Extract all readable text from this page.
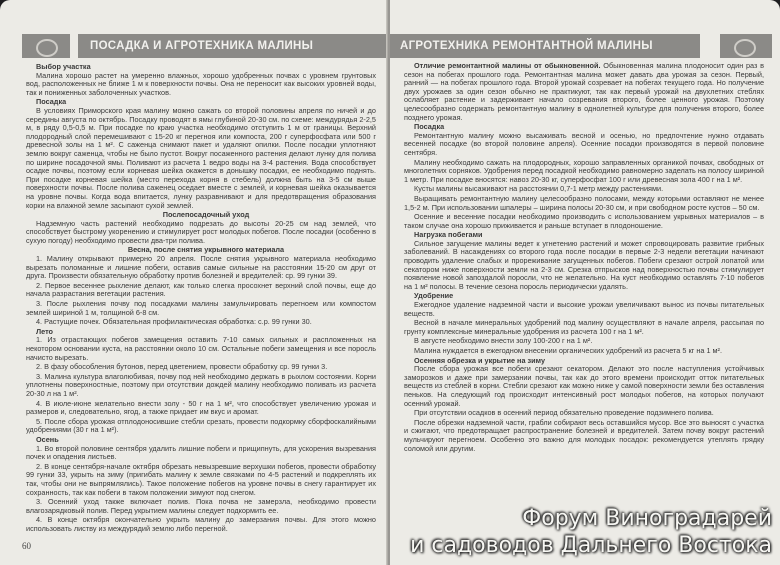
ПОСАДКА И АГРОТЕХНИКА МАЛИНЫ

Выбор участка

Малина хорошо растет на умеренно влажных, хорошо удобренных почвах с уровнем грунтовых вод, расположенных не ближе 1 м к поверхности почвы. Она не переносит как высоких уровней воды, так и пониженных заболоченных участков.

Посадка

В условиях Приморского края малину можно сажать со второй половины апреля по ничей и до середины августа по октябрь. Посадку проводят в ямы глубиной 20-30 см. по схеме: междурядья 2-2,5 м, в ряду 0,5-0,5 м. При посадке по краю участка необходимо отступить 1 м от границы. Верхний плодородный слой перемешивают с 15-20 кг перегноя или компоста, 200 г суперфосфата или 500 г древесной золы на 1 м². С саженца снимают пакет и удаляют опилки. После посадки уплотняют землю вокруг саженца, чтобы не было пустот. Вокруг посаженного растения делают лунку для полива по ширине посадочной ямы. Поливают из расчета 1 ведро воды на 3-4 растения. Вода способствует осадке почвы, поэтому если корневая шейка окажется в донышку посадки, ее необходимо поднять. При посадке корневая шейка (место перехода корня в стебель) должна быть на 3-5 см выше поверхности почвы. После полива саженец оседает вместе с землей, и корневая шейка оказывается на уровне почвы. Когда вода впитается, лунку разравнивают и для предотвращения образования корки на влажной земле засыпают сухой землей.

Послепосадочный уход

Надземную часть растений необходимо подрезать до высоты 20-25 см над землей, что способствует быстрому укоренению и стимулирует рост молодых побегов. После посадки (особенно в сухую погоду) необходимо провести два-три полива.

Весна, после снятия укрывного материала

1. Малину открывают примерно 20 апреля. После снятия укрывного материала необходимо вырезать поломанные и лишние побеги, оставив самые сильные на расстоянии 15-20 см друг от друга. Произвести обязательную обработку против болезней и вредителей: ср. 99 гунки 39.

2. Первое весеннее рыхление делают, как только слегка просохнет верхний слой почвы, еще до начала разрастания вегетации растения.

3. После рыхления почву под посадками малины замульчировать перегноем или компостом землей шириной 1 м, толщиной 6-8 см.

4. Растущие почек. Обязательная профилактическая обработка: с.р. 99 гунки 30.

Лето

1. Из отрастающих побегов замещения оставить 7-10 самых сильных и распложенных на некотором основании куста, на расстоянии около 10 см. Остальные побеги замещения и все поросль начисто вырезать.

2. В фазу обособления бутонов, перед цветением, провести обработку ср. 99 гунки 3.

3. Малина культура влаголюбивая, почву под ней необходимо держать в рыхлом состоянии. Корни уплотнены поверхностные, поэтому при отсутствии дождей малину необходимо поливать из расчета 20-30 л на 1 м².

4. В июле-июне желательно внести золу - 50 г на 1 м², что способствует увеличению урожая и размеров и, следовательно, ягод, а также придает им вкус и аромат.

5. После сбора урожая отплодоносившие стебли срезать, провести подкормку сборфоскалийными удобрениями (30 г на 1 м²).

Осень

1. Во второй половине сентября удалить лишние побеги и прищипнуть, для ускорения вызревания почек и опадения листьев.

2. В конце сентября-начале октября обрезать невызревшие верхушки побегов, провести обработку 99 гунки 33, укрыть на зиму (пригибать малину к земле связками по 4-5 растений и подкреплять их так, чтобы они не выпрямлялись). Такое положение побегов на уровне почвы в снегу гарантирует их сохранность, так как побеги в таком положении зимуют под снегом.

3. Осенний уход также включает полив. Пока почва не замерзла, необходимо провести влагозарядковый полив. Перед укрытием малины следует подкормить ее.

4. В конце октября окончательно укрыть малину до замерзания почвы. Для этого можно использовать листву из междурядий землю либо перегной.

60
АГРОТЕХНИКА РЕМОНТАНТНОЙ МАЛИНЫ

Отличие ремонтантной малины от обыкновенной. Обыкновенная малина плодоносит один раз в сезон на побегах прошлого года. Ремонтантная малина может давать два урожая за сезон. Первый, ранний — на побегах прошлого года. Второй урожай созревает на побегах текущего года. Но получение двух урожаев за один сезон обычно не практикуют, так как первый урожай на двухлетних стеблях ослабляет растение и задерживает начало созревания второго, более ценного урожая. Поэтому целесообразно содержать ремонтантную малину в однолетней культуре для получения второго, более позднего урожая.

Посадка

Ремонтантную малину можно высаживать весной и осенью, но предпочтение нужно отдавать весенней посадке (во второй половине апреля). Осенние посадки производятся в первой половине сентября.

Малину необходимо сажать на плодородных, хорошо заправленных органикой почвах, свободных от многолетних сорняков. Удобрения перед посадкой необходимо равномерно заделать на полосу шириной 1 метр. При посадке вносятся: навоз 20-30 кг, суперфосфат 100 г или древесная зола 400 г на 1 м².

Кусты малины высаживают на расстоянии 0,7-1 метр между растениями.

Выращивать ремонтантную малину целесообразно полосами, между которыми оставляют не менее 1,5-2 м. При использовании шпалеры – ширина полосы 20-30 см, и при свободном росте кустов – 50 см.

Осенние и весенние посадки необходимо производить с использованием укрывных материалов – в таком случае она хорошо приживается и раньше вступает в плодоношение.

Нагрузка побегами

Сильное загущение малины ведет к угнетению растений и может спровоцировать развитие грибных заболеваний. В насаждениях со второго года после посадки в первые 2-3 недели вегетации начинают проводить удаление слабых и прореживание загущенных побегов. Побеги срезают острой лопатой или секатором ниже поверхности земли на 2-3 см. Срезка отпрысков над поверхностью почвы стимулирует появление новой запоздалой поросли, что не желательно. На куст необходимо оставлять 7-10 побегов на 1 м² полосы. В течение сезона поросль периодически удалять.

Удобрение

Ежегодное удаление надземной части и высокие урожаи увеличивают вынос из почвы питательных веществ.

Весной в начале минеральных удобрений под малину осуществляют в начале апреля, рассыпая по грунту комплексные минеральные удобрения из расчета 100 г на 1 м².

В августе необходимо внести золу 100-200 г на 1 м².

Малина нуждается в ежегодном внесении органических удобрений из расчета 5 кг на 1 м².

Осенняя обрезка и укрытие на зиму

После сбора урожая все побеги срезают секатором. Делают это после наступления устойчивых заморозков и даже при замерзании почвы, так как до этого времени происходит отток питательных веществ из стеблей в корни. Стебли срезают как можно ниже у самой поверхности земли без оставления пеньков. На следующий год происходит интенсивный рост молодых побегов, на которых получают осенний урожай.

При отсутствии осадков в осенний период обязательно проведение подзимнего полива.

После обрезки надземной части, грабли собирают весь оставшийся мусор. Все это выносят с участка и сжигают, что предотвращает распространение болезней и вредителей. Затем почву вокруг растений мульчируют перегноем. Особенно это важно для молодых посадок: рекомендуется утеплять грядку соломой или другим.

Форум Виноградарей
и садоводов Дальнего Востока
